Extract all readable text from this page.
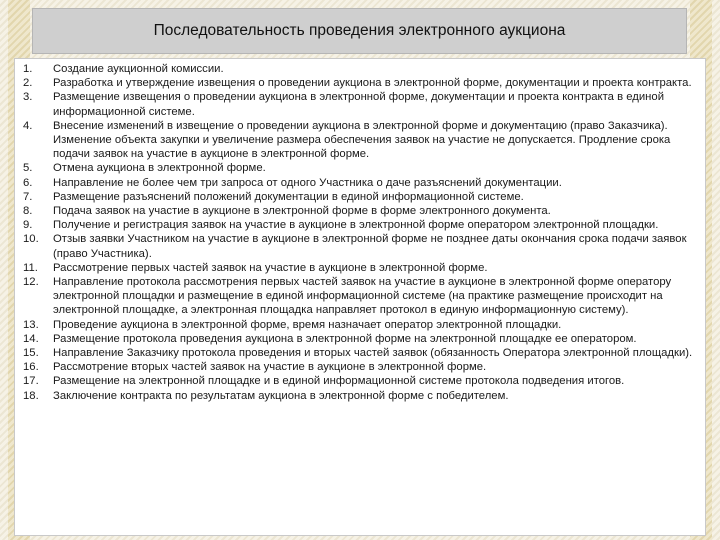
Последовательность проведения электронного аукциона
1.	Создание аукционной комиссии.
2.	Разработка и утверждение извещения о проведении аукциона в электронной форме, документации и проекта контракта.
3.	Размещение извещения о проведении аукциона в электронной форме, документации и проекта контракта в единой информационной системе.
4.	Внесение изменений в извещение о проведении аукциона в электронной форме и документацию (право Заказчика). Изменение объекта закупки и увеличение размера обеспечения заявок на участие не допускается. Продление срока подачи заявок на участие в аукционе в электронной форме.
5.	Отмена аукциона в электронной форме.
6.	Направление не более чем три запроса от одного Участника о даче разъяснений документации.
7.	Размещение разъяснений положений документации в единой информационной системе.
8.	Подача заявок на участие в аукционе в электронной форме в форме электронного документа.
9.	Получение и регистрация заявок на участие в аукционе в электронной форме оператором электронной площадки.
10.	Отзыв заявки Участником на участие в аукционе в электронной форме не позднее даты окончания срока подачи заявок (право Участника).
11.	Рассмотрение первых частей заявок на участие в аукционе в электронной форме.
12.	Направление протокола рассмотрения первых частей заявок на участие в аукционе в электронной форме оператору электронной площадки и размещение в единой информационной системе (на практике размещение происходит на электронной площадке, а электронная площадка направляет протокол в единую информационную систему).
13.	Проведение аукциона в электронной форме, время назначает оператор электронной площадки.
14.	Размещение протокола проведения аукциона в электронной форме на электронной площадке ее оператором.
15.	Направление Заказчику протокола проведения и вторых частей заявок (обязанность Оператора электронной площадки).
16.	Рассмотрение вторых частей заявок на участие в аукционе в электронной форме.
17.	Размещение на электронной площадке и в единой информационной системе протокола подведения итогов.
18.	Заключение контракта по результатам аукциона в электронной форме с победителем.
